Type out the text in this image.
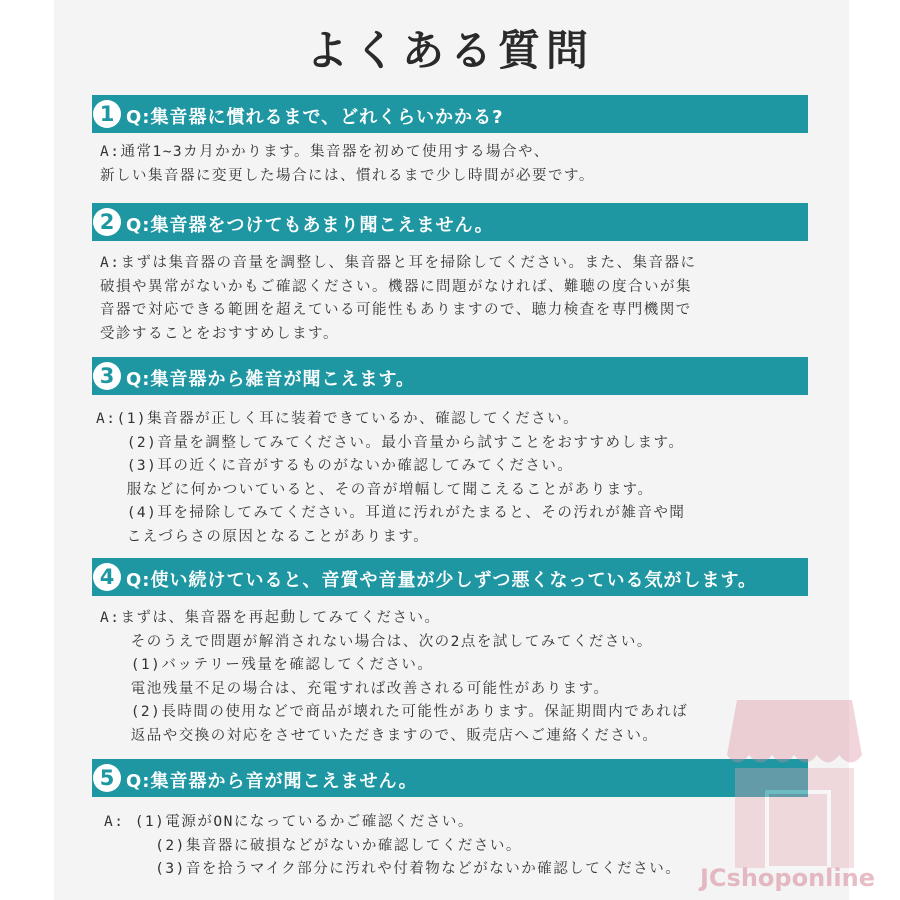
よくある質問
1 Q:集音器に慣れるまで、どれくらいかかる?
A:通常1~3カ月かかります。集音器を初めて使用する場合や、
新しい集音器に変更した場合には、慣れるまで少し時間が必要です。
2 Q:集音器をつけてもあまり聞こえません。
A:まずは集音器の音量を調整し、集音器と耳を掃除してください。また、集音器に
破損や異常がないかもご確認ください。機器に問題がなければ、難聴の度合いが集
音器で対応できる範囲を超えている可能性もありますので、聴力検査を専門機関で
受診することをおすすめします。
3 Q:集音器から雑音が聞こえます。
A:(1)集音器が正しく耳に装着できているか、確認してください。
(2)音量を調整してみてください。最小音量から試すことをおすすめします。
(3)耳の近くに音がするものがないか確認してみてください。
服などに何かついていると、その音が増幅して聞こえることがあります。
(4)耳を掃除してみてください。耳道に汚れがたまると、その汚れが雑音や聞
こえづらさの原因となることがあります。
4 Q:使い続けていると、音質や音量が少しずつ悪くなっている気がします。
A:まずは、集音器を再起動してみてください。
そのうえで問題が解消されない場合は、次の2点を試してみてください。
(1)バッテリー残量を確認してください。
電池残量不足の場合は、充電すれば改善される可能性があります。
(2)長時間の使用などで商品が壊れた可能性があります。保証期間内であれば
返品や交換の対応をさせていただきますので、販売店へご連絡ください。
5 Q:集音器から音が聞こえません。
A: (1)電源がONになっているかご確認ください。
(2)集音器に破損などがないか確認してください。
(3)音を拾うマイク部分に汚れや付着物などがないか確認してください。 JCshoponline
